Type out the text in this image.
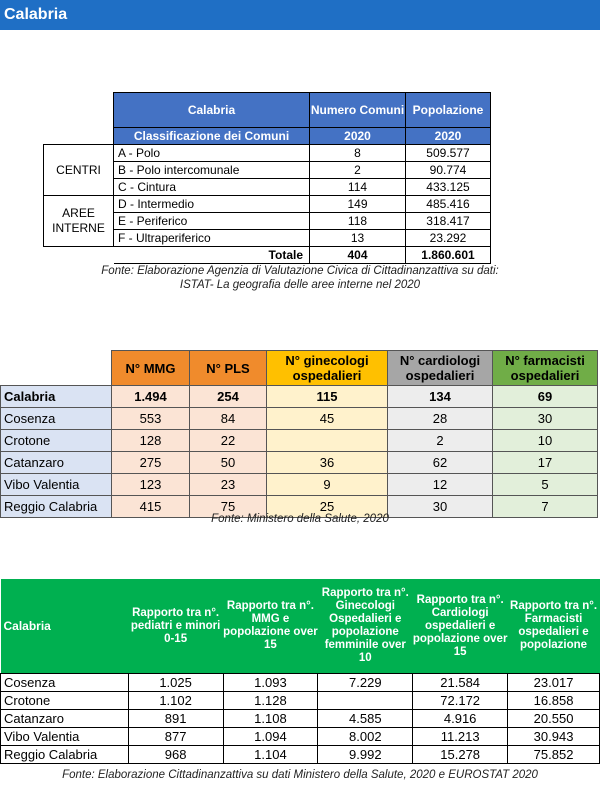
Calabria
	Calabria	Numero Comuni	Popolazione
	Classificazione dei Comuni	2020	2020
CENTRI	A - Polo	8	509.577
	B - Polo intercomunale	2	90.774
	C - Cintura	114	433.125
AREE INTERNE	D - Intermedio	149	485.416
	E - Periferico	118	318.417
	F - Ultraperiferico	13	23.292
	Totale	404	1.860.601
Fonte: Elaborazione Agenzia di Valutazione Civica di Cittadinanzattiva su dati:
ISTAT- La geografia delle aree interne nel 2020
	N° MMG	N° PLS	N° ginecologi ospedalieri	N° cardiologi ospedalieri	N° farmacisti ospedalieri
Calabria	1.494	254	115	134	69
Cosenza	553	84	45	28	30
Crotone	128	22		2	10
Catanzaro	275	50	36	62	17
Vibo Valentia	123	23	9	12	5
Reggio Calabria	415	75	25	30	7
Fonte: Ministero della Salute, 2020
Calabria	Rapporto tra n°. pediatri e minori 0-15	Rapporto tra n°. MMG e popolazione over 15	Rapporto tra n°. Ginecologi Ospedalieri e popolazione femminile over 10	Rapporto tra n°. Cardiologi ospedalieri e popolazione over 15	Rapporto tra n°. Farmacisti ospedalieri e popolazione
Cosenza	1.025	1.093	7.229	21.584	23.017
Crotone	1.102	1.128		72.172	16.858
Catanzaro	891	1.108	4.585	4.916	20.550
Vibo Valentia	877	1.094	8.002	11.213	30.943
Reggio Calabria	968	1.104	9.992	15.278	75.852
Fonte: Elaborazione Cittadinanzattiva su dati Ministero della Salute, 2020 e EUROSTAT 2020
